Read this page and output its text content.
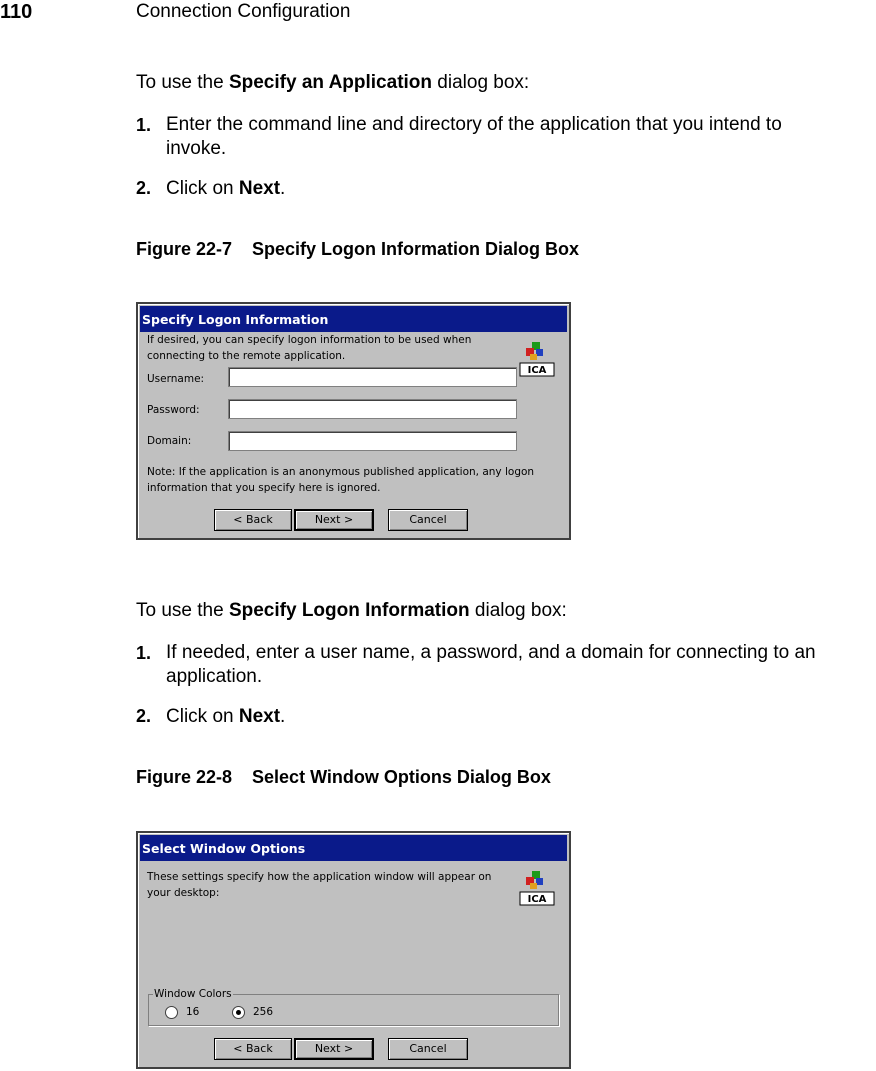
110	Connection Configuration
To use the Specify an Application dialog box:
1. Enter the command line and directory of the application that you intend to
invoke.
2. Click on Next.
Figure 22-7 Specify Logon Information Dialog Box
Specify Logon Information
If desired, you can specify logon information to be used when
connecting to the remote application.
ICA
Username:
Password:
Domain:
Note: If the application is an anonymous published application, any logon
information that you specify here is ignored.
< Back	Next >	Cancel
To use the Specify Logon Information dialog box:
1. If needed, enter a user name, a password, and a domain for connecting to an
application.
2. Click on Next.
Figure 22-8 Select Window Options Dialog Box
Select Window Options
These settings specify how the application window will appear on
your desktop:
ICA
Window Colors
16	256
< Back	Next >	Cancel
